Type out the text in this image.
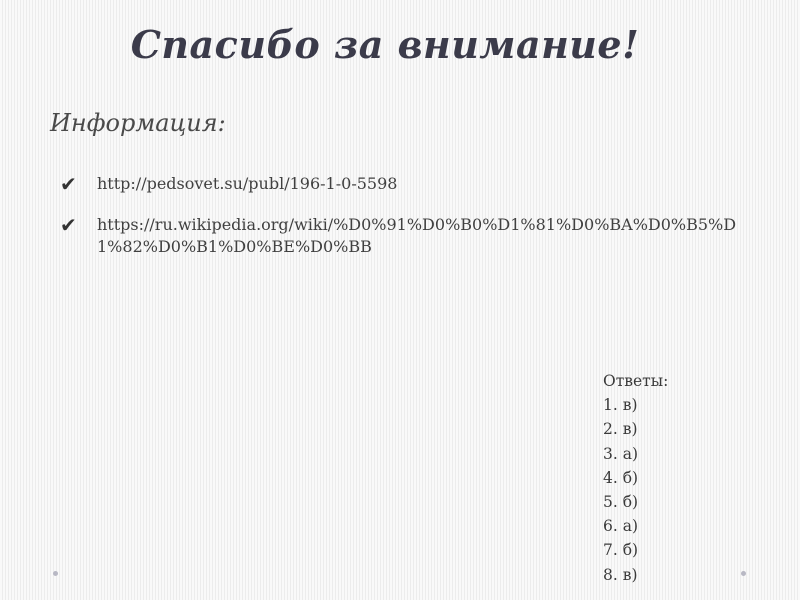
Спасибо за внимание!
Информация:
✔ http://pedsovet.su/publ/196-1-0-5598
✔ https://ru.wikipedia.org/wiki/%D0%91%D0%B0%D1%81%D0%BA%D0%B5%D1%82%D0%B1%D0%BE%D0%BB
Ответы:
1. в)
2. в)
3. а)
4. б)
5. б)
6. а)
7. б)
8. в)
